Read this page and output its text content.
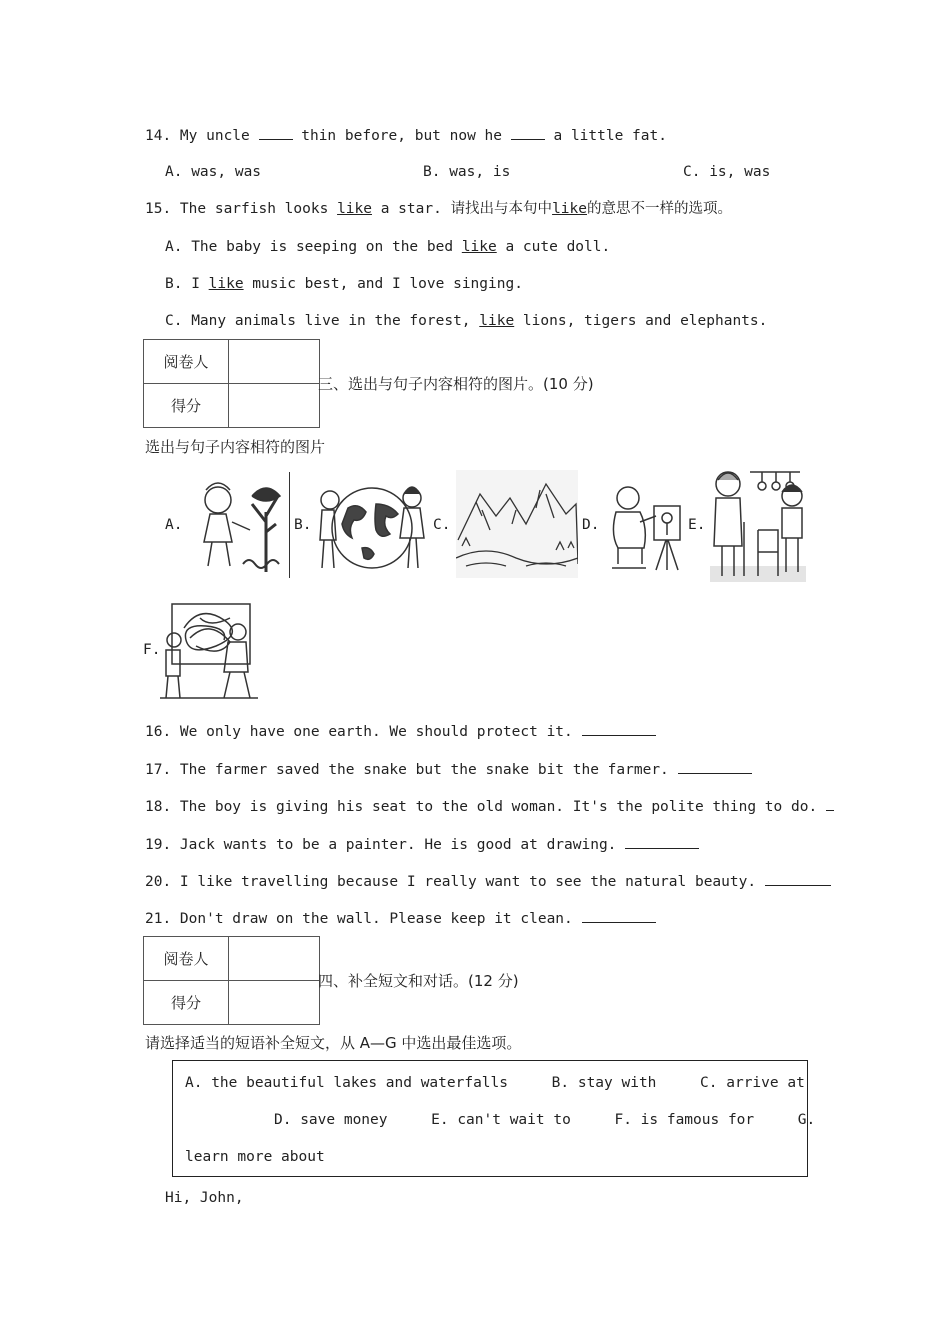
14. My uncle  thin before, but now he  a little fat.
A. was, was	B. was, is	C. is, was
15. The sarfish looks like a star. 请找出与本句中like的意思不一样的选项。
A. The baby is seeping on the bed like a cute doll.
B. I like music best, and I love singing.
C. Many animals live in the forest, like lions, tigers and elephants.
阅卷人	
得分	
三、选出与句子内容相符的图片。(10 分)
选出与句子内容相符的图片
A.	B.	C.	D.	E.
F.
16. We only have one earth. We should protect it.
17. The farmer saved the snake but the snake bit the farmer.
18. The boy is giving his seat to the old woman. It's the polite thing to do.
19. Jack wants to be a painter. He is good at drawing.
20. I like travelling because I really want to see the natural beauty.
21. Don't draw on the wall. Please keep it clean.
阅卷人	
得分	
四、补全短文和对话。(12 分)
请选择适当的短语补全短文，从 A—G 中选出最佳选项。
A. the beautiful lakes and waterfalls     B. stay with     C. arrive at
D. save money     E. can't wait to     F. is famous for     G.
learn more about
Hi, John,
